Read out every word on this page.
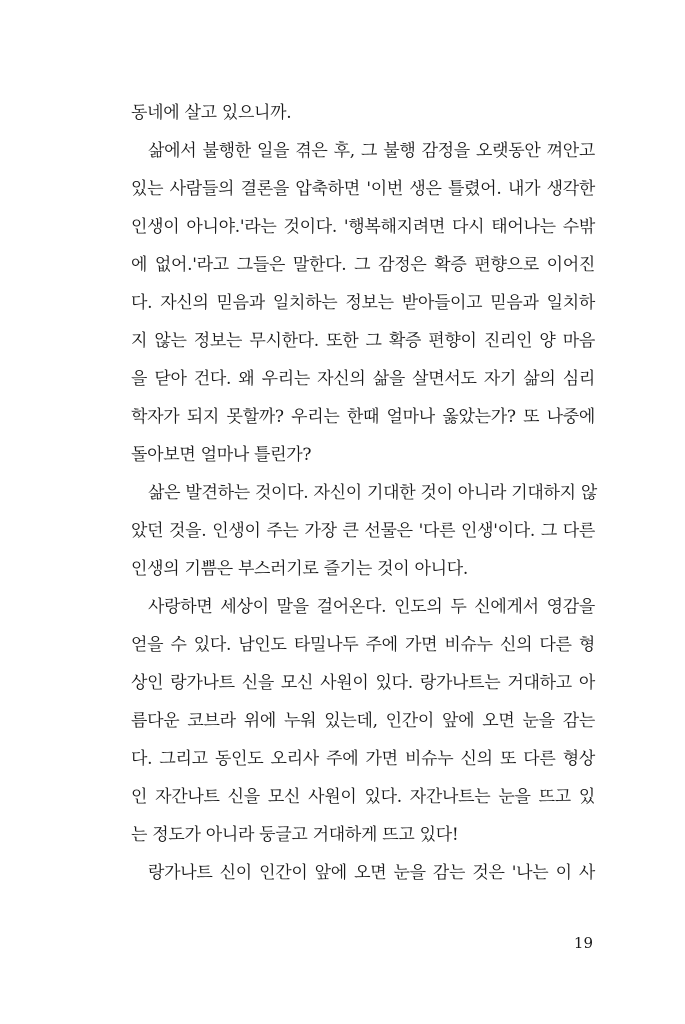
동네에 살고 있으니까.
삶에서 불행한 일을 겪은 후, 그 불행 감정을 오랫동안 껴안고
있는 사람들의 결론을 압축하면 '이번 생은 틀렸어. 내가 생각한
인생이 아니야.'라는 것이다. '행복해지려면 다시 태어나는 수밖
에 없어.'라고 그들은 말한다. 그 감정은 확증 편향으로 이어진
다. 자신의 믿음과 일치하는 정보는 받아들이고 믿음과 일치하
지 않는 정보는 무시한다. 또한 그 확증 편향이 진리인 양 마음
을 닫아 건다. 왜 우리는 자신의 삶을 살면서도 자기 삶의 심리
학자가 되지 못할까? 우리는 한때 얼마나 옳았는가? 또 나중에
돌아보면 얼마나 틀린가?
삶은 발견하는 것이다. 자신이 기대한 것이 아니라 기대하지 않
았던 것을. 인생이 주는 가장 큰 선물은 '다른 인생'이다. 그 다른
인생의 기쁨은 부스러기로 즐기는 것이 아니다.
사랑하면 세상이 말을 걸어온다. 인도의 두 신에게서 영감을
얻을 수 있다. 남인도 타밀나두 주에 가면 비슈누 신의 다른 형
상인 랑가나트 신을 모신 사원이 있다. 랑가나트는 거대하고 아
름다운 코브라 위에 누워 있는데, 인간이 앞에 오면 눈을 감는
다. 그리고 동인도 오리사 주에 가면 비슈누 신의 또 다른 형상
인 자간나트 신을 모신 사원이 있다. 자간나트는 눈을 뜨고 있
는 정도가 아니라 둥글고 거대하게 뜨고 있다!
랑가나트 신이 인간이 앞에 오면 눈을 감는 것은 '나는 이 사
19
